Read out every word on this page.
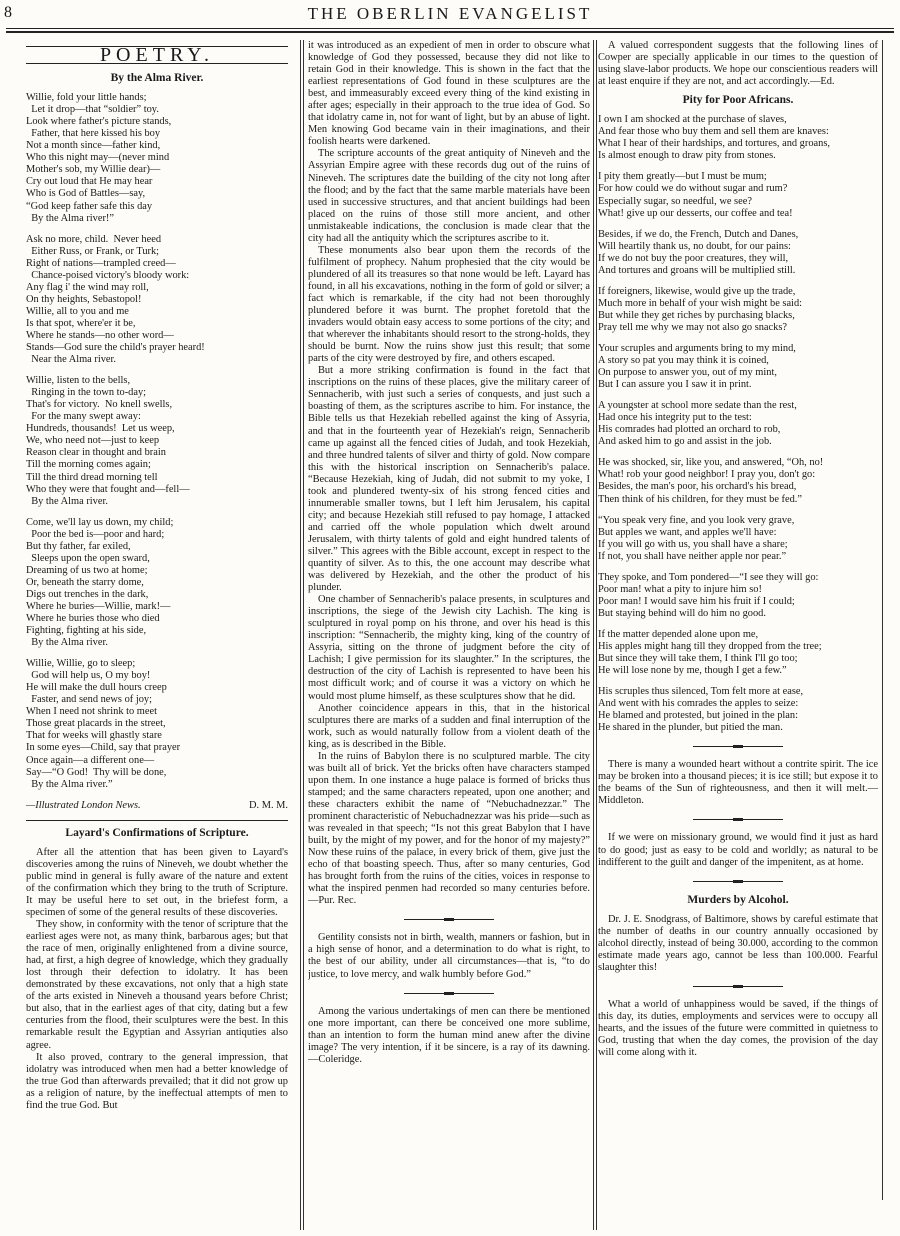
8	THE OBERLIN EVANGELIST
POETRY.
By the Alma River.
Willie, fold your little hands;
Let it drop—that “soldier” toy.
Look where father's picture stands,
Father, that here kissed his boy
Not a month since—father kind,
Who this night may—(never mind
Mother's sob, my Willie dear)—
Cry out loud that He may hear
Who is God of Battles—say,
“God keep father safe this day
By the Alma river!”
Ask no more, child.  Never heed
Either Russ, or Frank, or Turk;
Right of nations—trampled creed—
Chance-poised victory's bloody work:
Any flag i' the wind may roll,
On thy heights, Sebastopol!
Willie, all to you and me
Is that spot, where'er it be,
Where he stands—no other word—
Stands—God sure the child's prayer heard!
Near the Alma river.
Willie, listen to the bells,
Ringing in the town to-day;
That's for victory.  No knell swells,
For the many swept away:
Hundreds, thousands!  Let us weep,
We, who need not—just to keep
Reason clear in thought and brain
Till the morning comes again;
Till the third dread morning tell
Who they were that fought and—fell—
By the Alma river.
Come, we'll lay us down, my child;
Poor the bed is—poor and hard;
But thy father, far exiled,
Sleeps upon the open sward,
Dreaming of us two at home;
Or, beneath the starry dome,
Digs out trenches in the dark,
Where he buries—Willie, mark!—
Where he buries those who died
Fighting, fighting at his side,
By the Alma river.
Willie, Willie, go to sleep;
God will help us, O my boy!
He will make the dull hours creep
Faster, and send news of joy;
When I need not shrink to meet
Those great placards in the street,
That for weeks will ghastly stare
In some eyes—Child, say that prayer
Once again—a different one—
Say—“O God!  Thy will be done,
By the Alma river.”
—Illustrated London News.	D. M. M.
Layard's Confirmations of Scripture.

After all the attention that has been given to Layard's discoveries among the ruins of Nineveh, we doubt whether the public mind in general is fully aware of the nature and extent of the confirmation which they bring to the truth of Scripture. It may be useful here to set out, in the briefest form, a specimen of some of the general results of these discoveries.

They show, in conformity with the tenor of scripture that the earliest ages were not, as many think, barbarous ages; but that the race of men, originally enlightened from a divine source, had, at first, a high degree of knowledge, which they gradually lost through their defection to idolatry. It has been demonstrated by these excavations, not only that a high state of the arts existed in Nineveh a thousand years before Christ; but also, that in the earliest ages of that city, dating but a few centuries from the flood, their sculptures were the best. In this remarkable result the Egyptian and Assyrian antiquties also agree.

It also proved, contrary to the general impression, that idolatry was introduced when men had a better knowledge of the true God than afterwards prevailed; that it did not grow up as a religion of nature, by the ineffectual attempts of men to find the true God. But

it was introduced as an expedient of men in order to obscure what knowledge of God they possessed, because they did not like to retain God in their knowledge. This is shown in the fact that the earliest representations of God found in these sculptures are the best, and immeasurably exceed every thing of the kind existing in after ages; especially in their approach to the true idea of God. So that idolatry came in, not for want of light, but by an abuse of light. Men knowing God became vain in their imaginations, and their foolish hearts were darkened.

The scripture accounts of the great antiquity of Nineveh and the Assyrian Empire agree with these records dug out of the ruins of Nineveh. The scriptures date the building of the city not long after the flood; and by the fact that the same marble materials have been used in successive structures, and that ancient buildings had been placed on the ruins of those still more ancient, and other unmistakeable indications, the conclusion is made clear that the city had all the antiquity which the scriptures ascribe to it.

These monuments also bear upon them the records of the fulfilment of prophecy. Nahum prophesied that the city would be plundered of all its treasures so that none would be left. Layard has found, in all his excavations, nothing in the form of gold or silver; a fact which is remarkable, if the city had not been thoroughly plundered before it was burnt. The prophet foretold that the invaders would obtain easy access to some portions of the city; and that wherever the inhabitants should resort to the strong-holds, they should be burnt. Now the ruins show just this result; that some parts of the city were destroyed by fire, and others escaped.

But a more striking confirmation is found in the fact that inscriptions on the ruins of these places, give the military career of Sennacherib, with just such a series of conquests, and just such a boasting of them, as the scriptures ascribe to him. For instance, the Bible tells us that Hezekiah rebelled against the king of Assyria, and that in the fourteenth year of Hezekiah's reign, Sennacherib came up against all the fenced cities of Judah, and took Hezekiah, and three hundred talents of silver and thirty of gold. Now compare this with the historical inscription on Sennacherib's palace. “Because Hezekiah, king of Judah, did not submit to my yoke, I took and plundered twenty-six of his strong fenced cities and innumerable smaller towns, but I left him Jerusalem, his capital city; and because Hezekiah still refused to pay homage, I attacked and carried off the whole population which dwelt around Jerusalem, with thirty talents of gold and eight hundred talents of silver.” This agrees with the Bible account, except in respect to the quantity of silver. As to this, the one account may describe what was delivered by Hezekiah, and the other the product of his plunder.

One chamber of Sennacherib's palace presents, in sculptures and inscriptions, the siege of the Jewish city Lachish. The king is sculptured in royal pomp on his throne, and over his head is this inscription: “Sennacherib, the mighty king, king of the country of Assyria, sitting on the throne of judgment before the city of Lachish; I give permission for its slaughter.” In the scriptures, the destruction of the city of Lachish is represented to have been his most difficult work; and of course it was a victory on which he would most plume himself, as these sculptures show that he did.

Another coincidence appears in this, that in the historical sculptures there are marks of a sudden and final interruption of the work, such as would naturally follow from a violent death of the king, as is described in the Bible.

In the ruins of Babylon there is no sculptured marble. The city was built all of brick. Yet the bricks often have characters stamped upon them. In one instance a huge palace is formed of bricks thus stamped; and the same characters repeated, upon one another; and these characters exhibit the name of “Nebuchadnezzar.” The prominent characteristic of Nebuchadnezzar was his pride—such as was revealed in that speech; “Is not this great Babylon that I have built, by the might of my power, and for the honor of my majesty?” Now these ruins of the palace, in every brick of them, give just the echo of that boasting speech. Thus, after so many centuries, God has brought forth from the ruins of the cities, voices in response to what the inspired penmen had recorded so many centuries before.—Pur. Rec.

Gentility consists not in birth, wealth, manners or fashion, but in a high sense of honor, and a determination to do what is right, to the best of our ability, under all circumstances—that is, “to do justice, to love mercy, and walk humbly before God.”

Among the various undertakings of men can there be mentioned one more important, can there be conceived one more sublime, than an intention to form the human mind anew after the divine image? The very intention, if it be sincere, is a ray of its dawning.—Coleridge.

A valued correspondent suggests that the following lines of Cowper are specially applicable in our times to the question of using slave-labor products. We hope our conscientious readers will at least enquire if they are not, and act accordingly.—Ed.

Pity for Poor Africans.
I own I am shocked at the purchase of slaves,
And fear those who buy them and sell them are knaves:
What I hear of their hardships, and tortures, and groans,
Is almost enough to draw pity from stones.
I pity them greatly—but I must be mum;
For how could we do without sugar and rum?
Especially sugar, so needful, we see?
What! give up our desserts, our coffee and tea!
Besides, if we do, the French, Dutch and Danes,
Will heartily thank us, no doubt, for our pains:
If we do not buy the poor creatures, they will,
And tortures and groans will be multiplied still.
If foreigners, likewise, would give up the trade,
Much more in behalf of your wish might be said:
But while they get riches by purchasing blacks,
Pray tell me why we may not also go snacks?
Your scruples and arguments bring to my mind,
A story so pat you may think it is coined,
On purpose to answer you, out of my mint,
But I can assure you I saw it in print.
A youngster at school more sedate than the rest,
Had once his integrity put to the test:
His comrades had plotted an orchard to rob,
And asked him to go and assist in the job.
He was shocked, sir, like you, and answered, “Oh, no!
What! rob your good neighbor! I pray you, don't go:
Besides, the man's poor, his orchard's his bread,
Then think of his children, for they must be fed.”
“You speak very fine, and you look very grave,
But apples we want, and apples we'll have:
If you will go with us, you shall have a share;
If not, you shall have neither apple nor pear.”
They spoke, and Tom pondered—“I see they will go:
Poor man! what a pity to injure him so!
Poor man! I would save him his fruit if I could;
But staying behind will do him no good.
If the matter depended alone upon me,
His apples might hang till they dropped from the tree;
But since they will take them, I think I'll go too;
He will lose none by me, though I get a few.”
His scruples thus silenced, Tom felt more at ease,
And went with his comrades the apples to seize:
He blamed and protested, but joined in the plan:
He shared in the plunder, but pitied the man.

There is many a wounded heart without a contrite spirit. The ice may be broken into a thousand pieces; it is ice still; but expose it to the beams of the Sun of righteousness, and then it will melt.—Middleton.

If we were on missionary ground, we would find it just as hard to do good; just as easy to be cold and worldly; as natural to be indifferent to the guilt and danger of the impenitent, as at home.

Murders by Alcohol.

Dr. J. E. Snodgrass, of Baltimore, shows by careful estimate that the number of deaths in our country annually occasioned by alcohol directly, instead of being 30.000, according to the common estimate made years ago, cannot be less than 100.000. Fearful slaughter this!

What a world of unhappiness would be saved, if the things of this day, its duties, employments and services were to occupy all hearts, and the issues of the future were committed in quietness to God, trusting that when the day comes, the provision of the day will come along with it.
